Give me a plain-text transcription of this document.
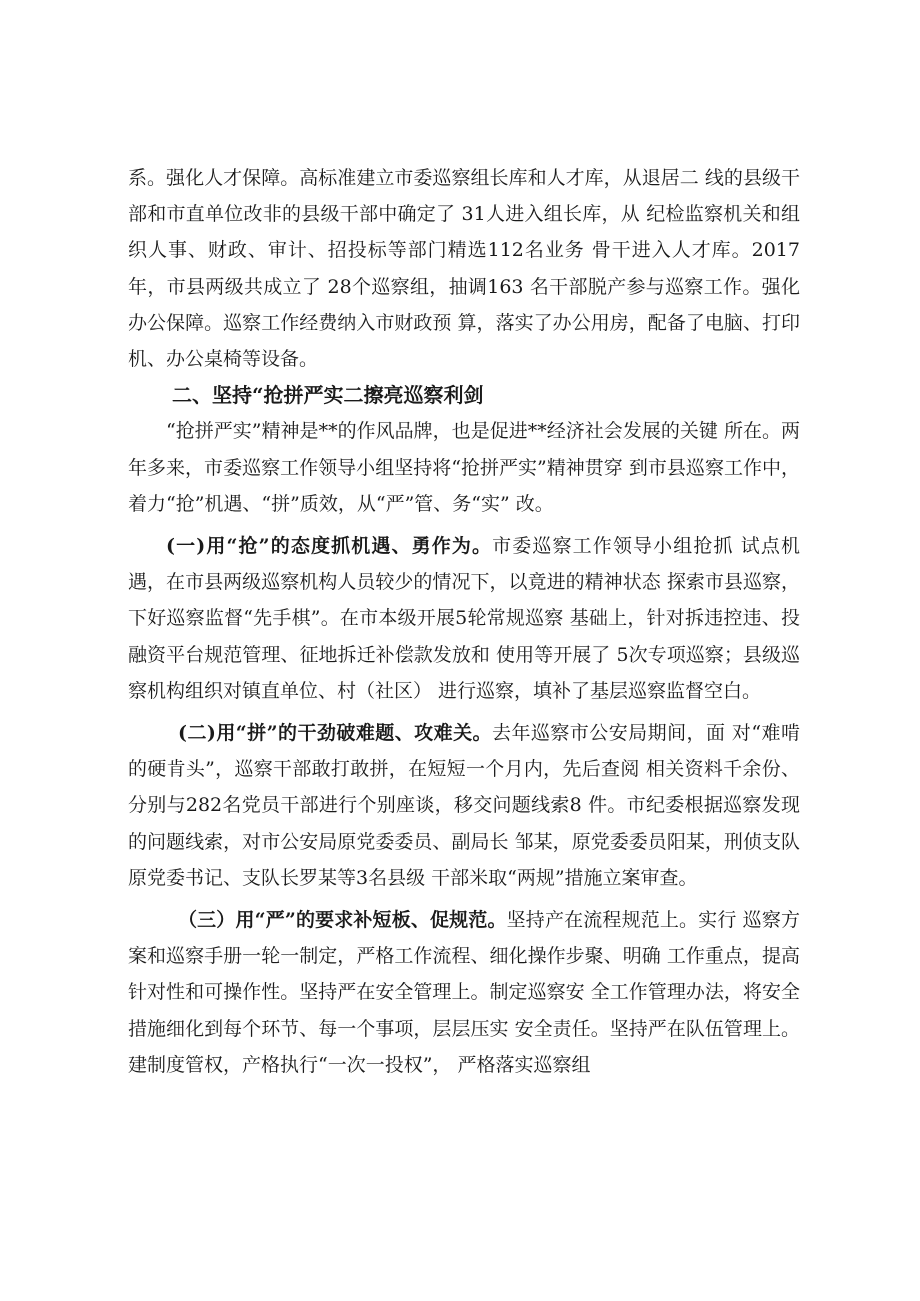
系。强化人才保障。高标准建立市委巡察组长库和人才库，从退居二 线的县级干部和市直单位改非的县级干部中确定了 31人进入组长库，从 纪检监察机关和组织人事、财政、审计、招投标等部门精选112名业务 骨干进入人才库。2017年，市县两级共成立了 28个巡察组，抽调163 名干部脱产参与巡察工作。强化办公保障。巡察工作经费纳入市财政预 算，落实了办公用房，配备了电脑、打印机、办公桌椅等设备。

二、坚持“抢拼严实二擦亮巡察利剑

“抢拼严实”精神是**的作风品牌，也是促进**经济社会发展的关键 所在。两年多来，市委巡察工作领导小组坚持将“抢拼严实”精神贯穿 到市县巡察工作中，着力“抢”机遇、“拼”质效，从“严”管、务“实” 改。

(一)用“抢”的态度抓机遇、勇作为。市委巡察工作领导小组抢抓 试点机遇，在市县两级巡察机构人员较少的情况下，以竟进的精神状态 探索市县巡察，下好巡察监督“先手棋”。在市本级开展5轮常规巡察 基础上，针对拆违控违、投融资平台规范管理、征地拆迁补偿款发放和 使用等开展了 5次专项巡察；县级巡察机构组织对镇直单位、村（社区） 进行巡察，填补了基层巡察监督空白。

(二)用“拼”的干劲破难题、攻难关。去年巡察市公安局期间，面 对“难啃的硬肯头”，巡察干部敢打敢拼，在短短一个月内，先后查阅 相关资料千余份、分别与282名党员干部进行个别座谈，移交问题线索8 件。市纪委根据巡察发现的问题线索，对市公安局原党委委员、副局长 邹某，原党委委员阳某，刑侦支队原党委书记、支队长罗某等3名县级 干部米取“两规”措施立案审查。

（三）用“严”的要求补短板、促规范。坚持产在流程规范上。实行 巡察方案和巡察手册一轮一制定，严格工作流程、细化操作步聚、明确 工作重点，提高针对性和可操作性。坚持严在安全管理上。制定巡察安 全工作管理办法，将安全措施细化到每个环节、每一个事项，层层压实 安全责任。坚持严在队伍管理上。建制度管权，产格执行“一次一投权”， 严格落实巡察组
